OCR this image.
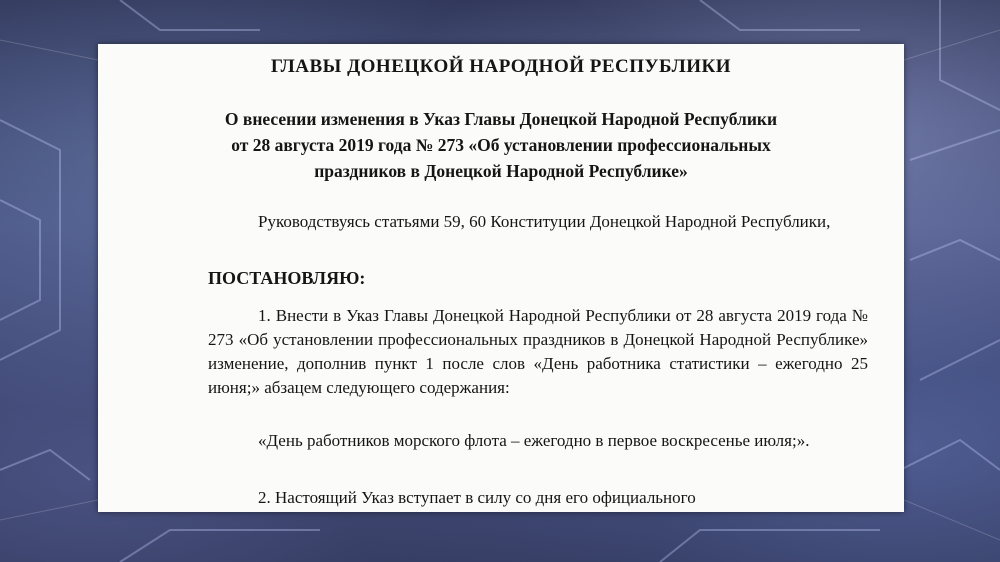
ГЛАВЫ ДОНЕЦКОЙ НАРОДНОЙ РЕСПУБЛИКИ
О внесении изменения в Указ Главы Донецкой Народной Республики
от 28 августа 2019 года № 273 «Об установлении профессиональных
праздников в Донецкой Народной Республике»
Руководствуясь статьями 59, 60 Конституции Донецкой Народной Республики,
ПОСТАНОВЛЯЮ:
1. Внести в Указ Главы Донецкой Народной Республики от 28 августа 2019 года № 273 «Об установлении профессиональных праздников в Донецкой Народной Республике» изменение, дополнив пункт 1 после слов «День работника статистики – ежегодно 25 июня;» абзацем следующего содержания:
«День работников морского флота – ежегодно в первое воскресенье июля;».
2. Настоящий Указ вступает в силу со дня его официального
